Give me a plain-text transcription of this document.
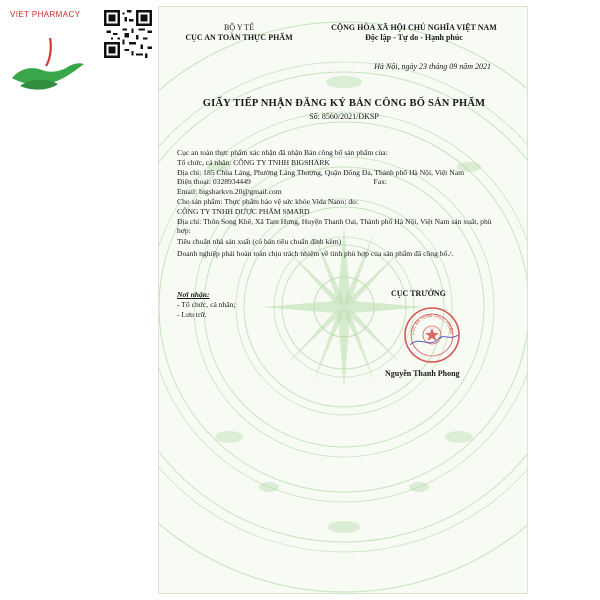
VIET PHARMACY
BỘ Y TẾ
CỤC AN TOÀN THỰC PHẨM
CỘNG HÒA XÃ HỘI CHỦ NGHĨA VIỆT NAM
Độc lập - Tự do - Hạnh phúc
Hà Nội, ngày 23 tháng 09 năm 2021
GIẤY TIẾP NHẬN ĐĂNG KÝ BẢN CÔNG BỐ SẢN PHẨM
Số: 8560/2021/ĐKSP

Cục an toàn thực phẩm xác nhận đã nhận Bản công bố sản phẩm của:

Tổ chức, cá nhân: CÔNG TY TNHH BIGSHARK

Địa chỉ: 185 Chùa Láng, Phường Láng Thượng, Quận Đống Đa, Thành phố Hà Nội, Việt Nam

Điện thoại: 0328934449	Fax:

Email: bigsharkvn.20@gmail.com

Cho sản phẩm: Thực phẩm bảo vệ sức khỏe Vida Nano; do:

CÔNG TY TNHH DƯỢC PHẨM SMARD

Địa chỉ: Thôn Song Khê, Xã Tam Hưng, Huyện Thanh Oai, Thành phố Hà Nội, Việt Nam sản xuất, phù hợp:

Tiêu chuẩn nhà sản xuất (có bản tiêu chuẩn đính kèm)

Doanh nghiệp phải hoàn toàn chịu trách nhiệm về tính phù hợp của sản phẩm đã công bố./.

Nơi nhận:
- Tổ chức, cá nhân;
- Lưu trữ.
CỤC TRƯỞNG
CỤC AN TOÀN THỰC PHẨM
Nguyễn Thanh Phong
